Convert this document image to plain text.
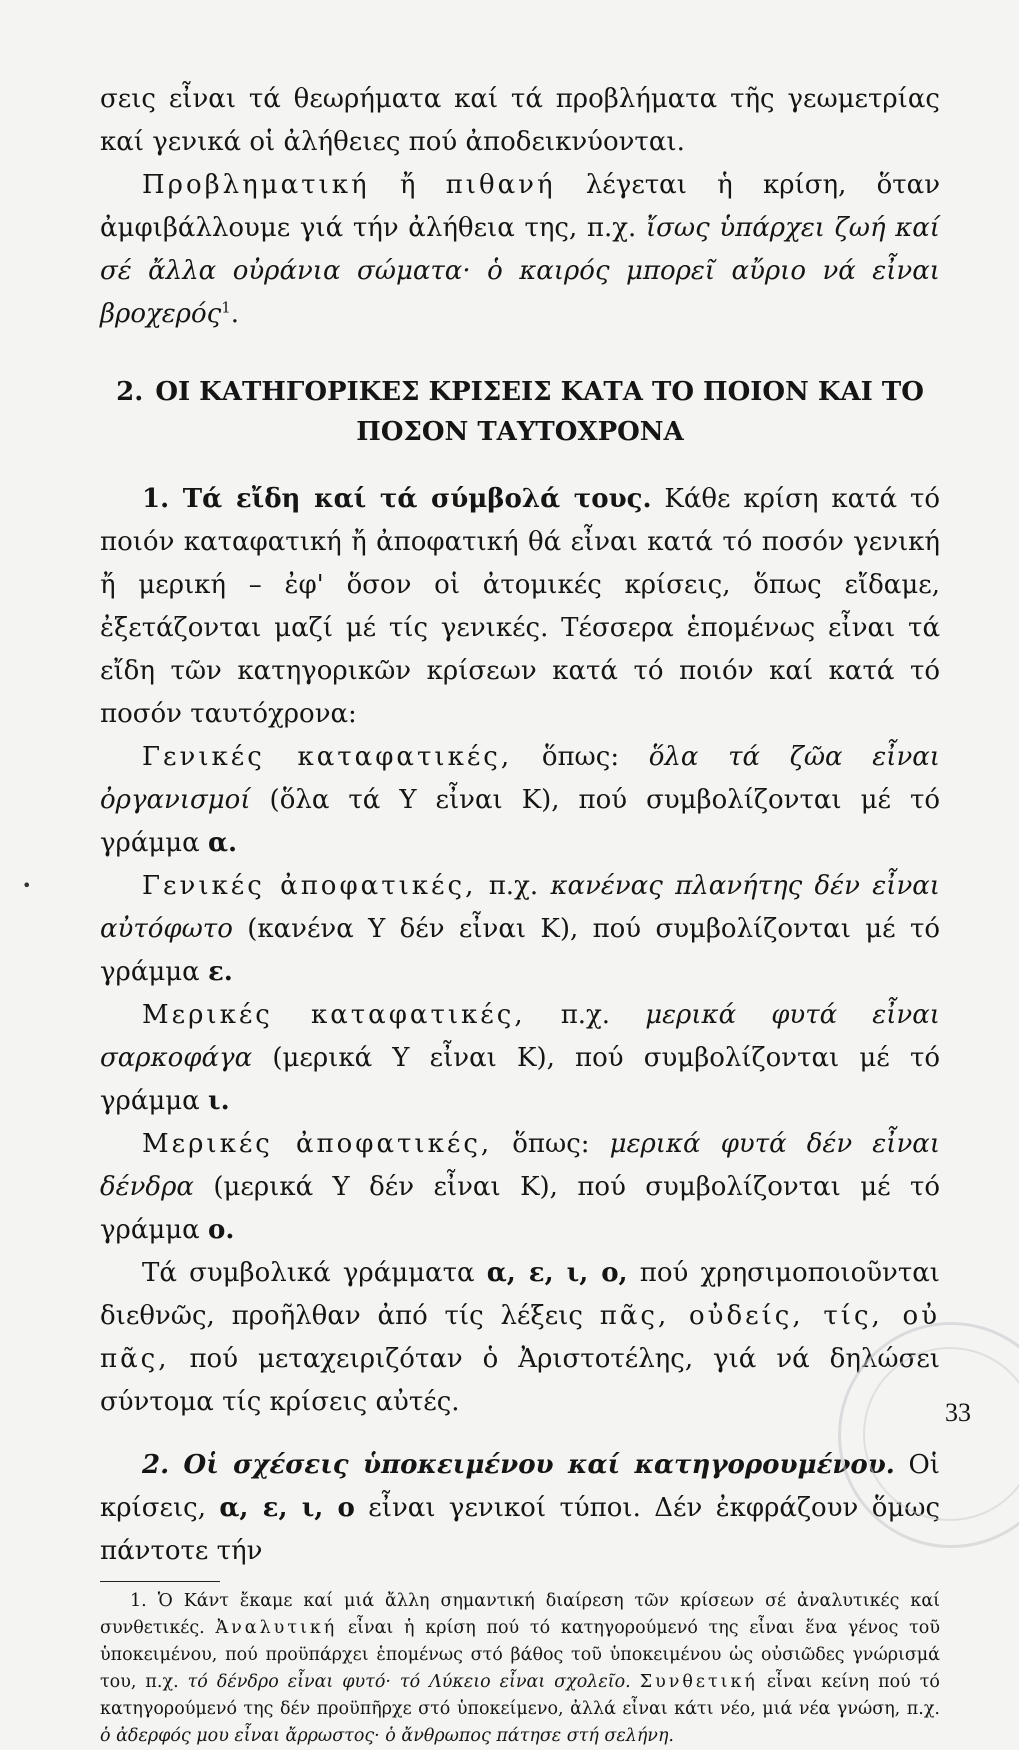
•

σεις εἶναι τά θεωρήματα καί τά προβλήματα τῆς γεωμετρίας καί γενικά οἱ ἀλήθειες πού ἀποδεικνύονται.

Προβληματική ἤ πιθανή λέγεται ἡ κρίση, ὅταν ἀμφιβάλλουμε γιά τήν ἀλήθεια της, π.χ. ἴσως ὑπάρχει ζωή καί σέ ἄλλα οὐράνια σώματα· ὁ καιρός μπορεῖ αὔριο νά εἶναι βροχερός$^1$.

2. ΟΙ ΚΑΤΗΓΟΡΙΚΕΣ ΚΡΙΣΕΙΣ ΚΑΤΑ ΤΟ ΠΟΙΟΝ ΚΑΙ ΤΟ
ΠΟΣΟΝ ΤΑΥΤΟΧΡΟΝΑ

1. Τά εἴδη καί τά σύμβολά τους. Κάθε κρίση κατά τό ποιόν καταφατική ἤ ἀποφατική θά εἶναι κατά τό ποσόν γενική ἤ μερική – ἐφ' ὅσον οἱ ἀτομικές κρίσεις, ὅπως εἴδαμε, ἐξετάζονται μαζί μέ τίς γενικές. Τέσσερα ἑπομένως εἶναι τά εἴδη τῶν κατηγορικῶν κρίσεων κατά τό ποιόν καί κατά τό ποσόν ταυτόχρονα:

Γενικές καταφατικές, ὅπως: ὅλα τά ζῶα εἶναι ὀργανισμοί (ὅλα τά Υ εἶναι Κ), πού συμβολίζονται μέ τό γράμμα α.

Γενικές ἀποφατικές, π.χ. κανένας πλανήτης δέν εἶναι αὐτόφωτο (κανένα Υ δέν εἶναι Κ), πού συμβολίζονται μέ τό γράμμα ε.

Μερικές καταφατικές, π.χ. μερικά φυτά εἶναι σαρκοφάγα (μερικά Υ εἶναι Κ), πού συμβολίζονται μέ τό γράμμα ι.

Μερικές ἀποφατικές, ὅπως: μερικά φυτά δέν εἶναι δένδρα (μερικά Υ δέν εἶναι Κ), πού συμβολίζονται μέ τό γράμμα ο.

Τά συμβολικά γράμματα α, ε, ι, ο, πού χρησιμοποιοῦνται διεθνῶς, προῆλθαν ἀπό τίς λέξεις πᾶς, οὐδείς, τίς, οὐ πᾶς, πού μεταχειριζόταν ὁ Ἀριστοτέλης, γιά νά δηλώσει σύντομα τίς κρίσεις αὐτές.

2. Οἱ σχέσεις ὑποκειμένου καί κατηγορουμένου. Οἱ κρίσεις, α, ε, ι, ο εἶναι γενικοί τύποι. Δέν ἐκφράζουν ὅμως πάντοτε τήν

1. Ὁ Κάντ ἔκαμε καί μιά ἄλλη σημαντική διαίρεση τῶν κρίσεων σέ ἀναλυτικές καί συνθετικές. Ἀναλυτική εἶναι ἡ κρίση πού τό κατηγορούμενό της εἶναι ἕνα γένος τοῦ ὑποκειμένου, πού προϋπάρχει ἑπομένως στό βάθος τοῦ ὑποκειμένου ὡς οὐσιῶδες γνώρισμά του, π.χ. τό δένδρο εἶναι φυτό· τό Λύκειο εἶναι σχολεῖο. Συνθετική εἶναι κείνη πού τό κατηγορούμενό της δέν προϋπῆρχε στό ὑποκείμενο, ἀλλά εἶναι κάτι νέο, μιά νέα γνώση, π.χ. ὁ ἀδερφός μου εἶναι ἄρρωστος· ὁ ἄνθρωπος πάτησε στή σελήνη.

33
